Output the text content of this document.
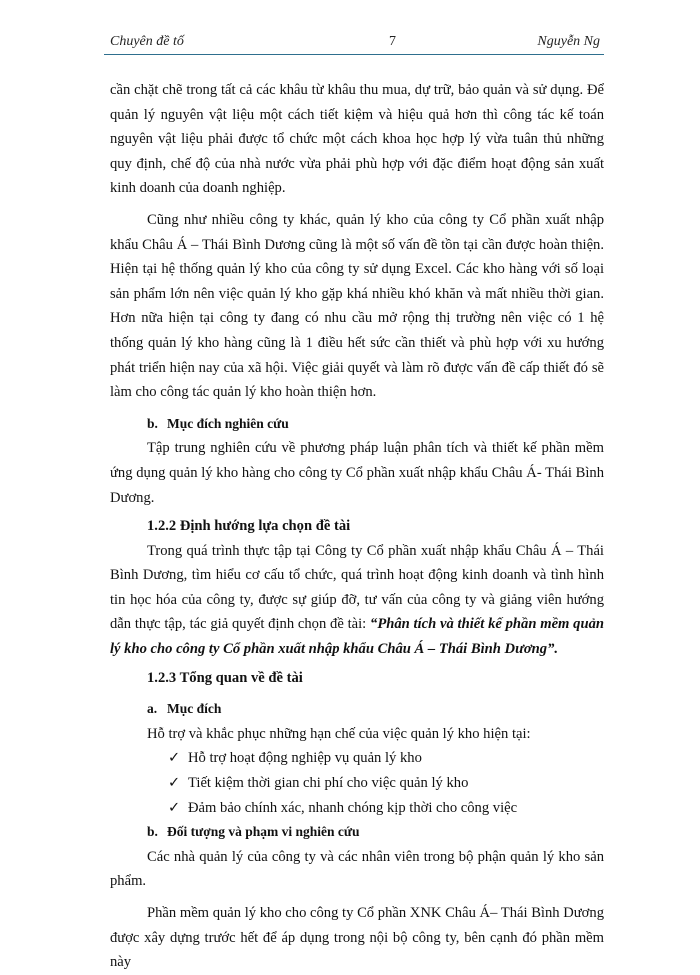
Chuyên đề tố	7	Nguyễn Ng

cần chặt chẽ trong tất cả các khâu từ khâu thu mua, dự trữ, bảo quản và sử dụng. Để quản lý nguyên vật liệu một cách tiết kiệm và hiệu quả hơn thì công tác kế toán nguyên vật liệu phải được tổ chức một cách khoa học hợp lý vừa tuân thủ những quy định, chế độ của nhà nước vừa phải phù hợp với đặc điểm hoạt động sản xuất kinh doanh của doanh nghiệp.

Cũng như nhiều công ty khác, quản lý kho của công ty Cổ phần xuất nhập khẩu Châu Á – Thái Bình Dương cũng là một số vấn đề tồn tại cần được hoàn thiện. Hiện tại hệ thống quản lý kho của công ty sử dụng Excel. Các kho hàng với số loại sản phẩm lớn nên việc quản lý kho gặp khá nhiều khó khăn và mất nhiều thời gian. Hơn nữa hiện tại công ty đang có nhu cầu mở rộng thị trường nên việc có 1 hệ thống quản lý kho hàng cũng là 1 điều hết sức cần thiết và phù hợp với xu hướng phát triển hiện nay của xã hội. Việc giải quyết và làm rõ được vấn đề cấp thiết đó sẽ làm cho công tác quản lý kho hoàn thiện hơn.

b. Mục đích nghiên cứu

Tập trung nghiên cứu về phương pháp luận phân tích và thiết kế phần mềm ứng dụng quản lý kho hàng cho công ty Cổ phần xuất nhập khẩu Châu Á- Thái Bình Dương.

1.2.2 Định hướng lựa chọn đề tài

Trong quá trình thực tập tại Công ty Cổ phần xuất nhập khẩu Châu Á – Thái Bình Dương, tìm hiểu cơ cấu tổ chức, quá trình hoạt động kinh doanh và tình hình tin học hóa của công ty, được sự giúp đỡ, tư vấn của công ty và giảng viên hướng dẫn thực tập, tác giả quyết định chọn đề tài: “Phân tích và thiết kế phần mềm quản lý kho cho công ty Cổ phần xuất nhập khẩu Châu Á – Thái Bình Dương”.

1.2.3 Tổng quan về đề tài

a. Mục đích

Hỗ trợ và khắc phục những hạn chế của việc quản lý kho hiện tại:

✓ Hỗ trợ hoạt động nghiệp vụ quản lý kho
✓ Tiết kiệm thời gian chi phí cho việc quản lý kho
✓ Đảm bảo chính xác, nhanh chóng kịp thời cho công việc

b. Đối tượng và phạm vi nghiên cứu

Các nhà quản lý của công ty và các nhân viên trong bộ phận quản lý kho sản phẩm.

Phần mềm quản lý kho cho công ty Cổ phần XNK Châu Á– Thái Bình Dương được xây dựng trước hết để áp dụng trong nội bộ công ty, bên cạnh đó phần mềm này
